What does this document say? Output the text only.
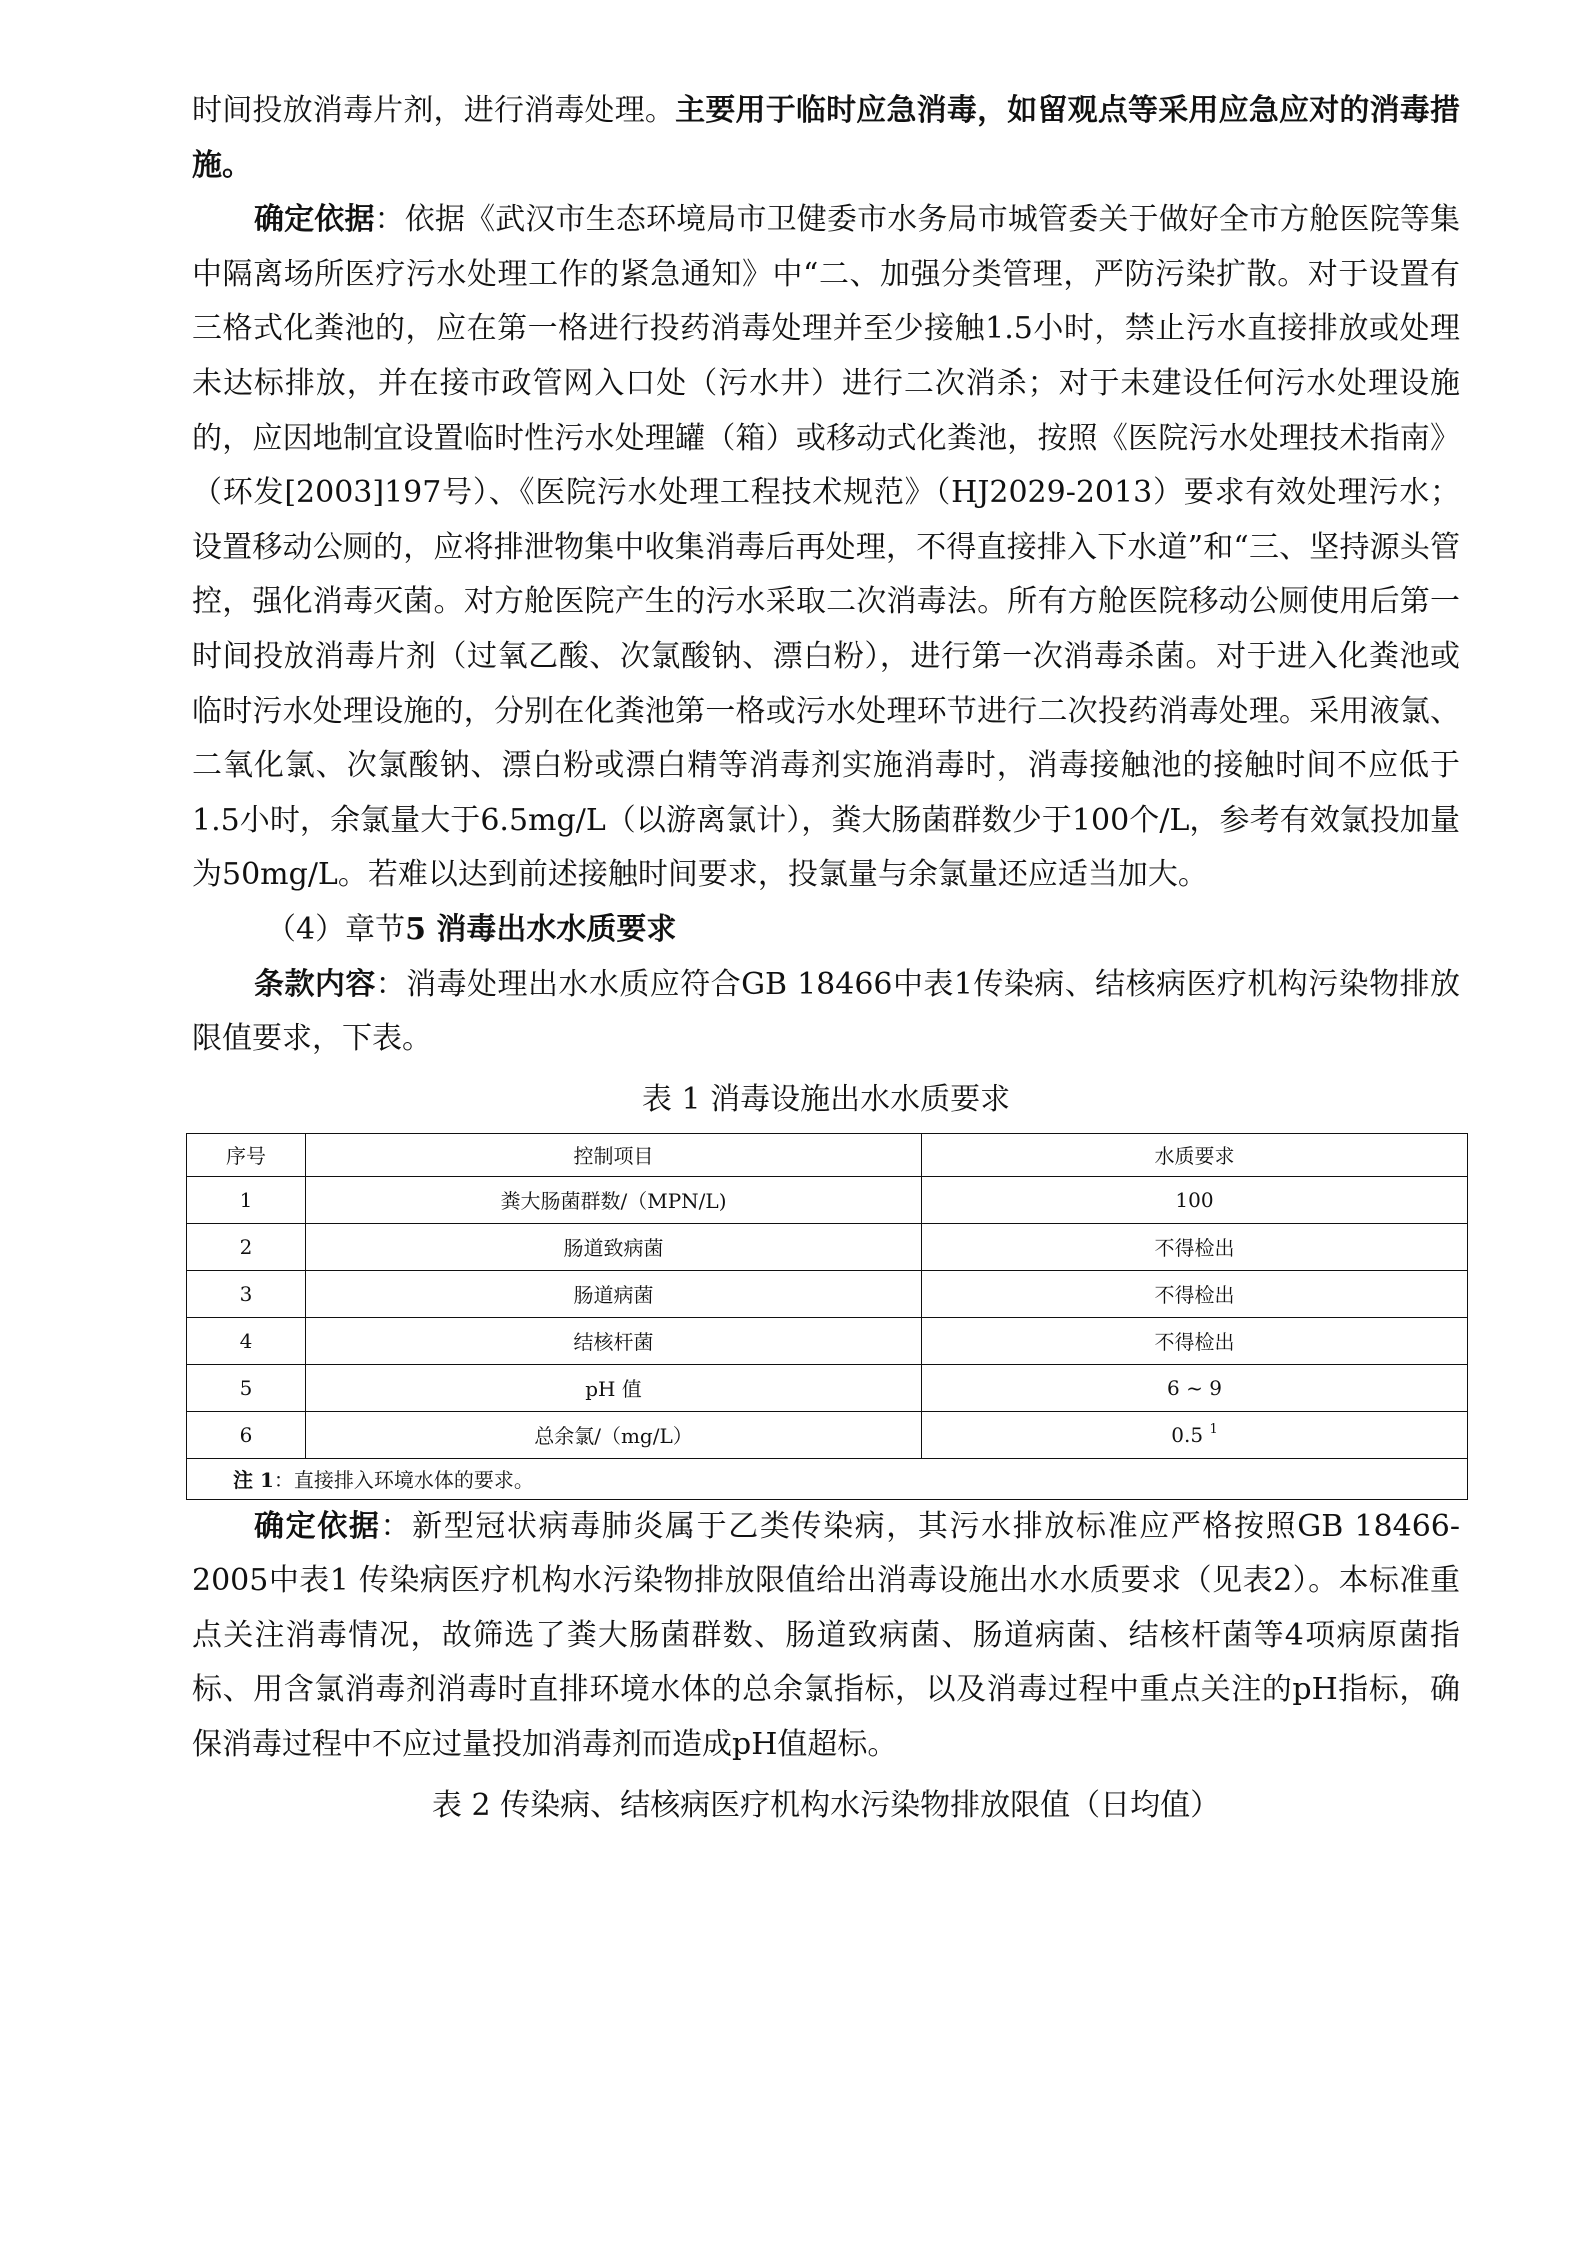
时间投放消毒片剂，进行消毒处理。主要用于临时应急消毒，如留观点等采用应急应对的消毒措施。

确定依据：依据《武汉市生态环境局市卫健委市水务局市城管委关于做好全市方舱医院等集中隔离场所医疗污水处理工作的紧急通知》中“二、加强分类管理，严防污染扩散。对于设置有三格式化粪池的，应在第一格进行投药消毒处理并至少接触1.5小时，禁止污水直接排放或处理未达标排放，并在接市政管网入口处（污水井）进行二次消杀；对于未建设任何污水处理设施的，应因地制宜设置临时性污水处理罐（箱）或移动式化粪池，按照《医院污水处理技术指南》（环发[2003]197号）、《医院污水处理工程技术规范》（HJ2029-2013）要求有效处理污水；设置移动公厕的，应将排泄物集中收集消毒后再处理，不得直接排入下水道”和“三、坚持源头管控，强化消毒灭菌。对方舱医院产生的污水采取二次消毒法。所有方舱医院移动公厕使用后第一时间投放消毒片剂（过氧乙酸、次氯酸钠、漂白粉），进行第一次消毒杀菌。对于进入化粪池或临时污水处理设施的，分别在化粪池第一格或污水处理环节进行二次投药消毒处理。采用液氯、二氧化氯、次氯酸钠、漂白粉或漂白精等消毒剂实施消毒时，消毒接触池的接触时间不应低于1.5小时，余氯量大于6.5mg/L（以游离氯计），粪大肠菌群数少于100个/L，参考有效氯投加量为50mg/L。若难以达到前述接触时间要求，投氯量与余氯量还应适当加大。

（4）章节5 消毒出水水质要求

条款内容：消毒处理出水水质应符合GB 18466中表1传染病、结核病医疗机构污染物排放限值要求，下表。

表 1 消毒设施出水水质要求

序号	控制项目	水质要求
1	粪大肠菌群数/（MPN/L)	100
2	肠道致病菌	不得检出
3	肠道病菌	不得检出
4	结核杆菌	不得检出
5	pH 值	6 ~ 9
6	总余氯/（mg/L）	0.5 $^1$
注 1：直接排入环境水体的要求。		

确定依据：新型冠状病毒肺炎属于乙类传染病，其污水排放标准应严格按照GB 18466-2005中表1 传染病医疗机构水污染物排放限值给出消毒设施出水水质要求（见表2）。本标准重点关注消毒情况，故筛选了粪大肠菌群数、肠道致病菌、肠道病菌、结核杆菌等4项病原菌指标、用含氯消毒剂消毒时直排环境水体的总余氯指标，以及消毒过程中重点关注的pH指标，确保消毒过程中不应过量投加消毒剂而造成pH值超标。

表 2 传染病、结核病医疗机构水污染物排放限值（日均值）
